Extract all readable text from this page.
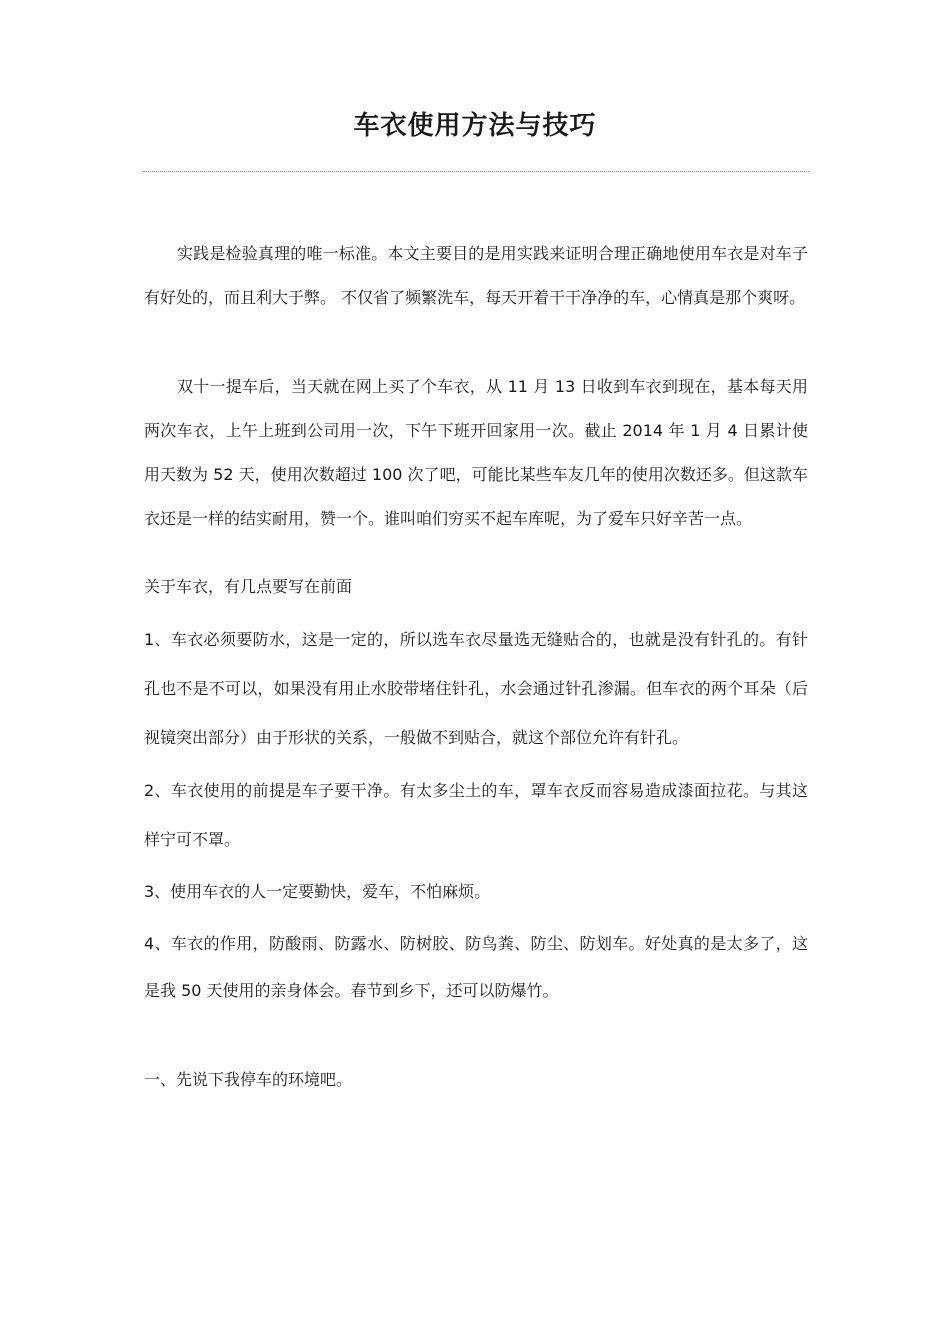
车衣使用方法与技巧

实践是检验真理的唯一标准。本文主要目的是用实践来证明合理正确地使用车衣是对车子有好处的，而且利大于弊。 不仅省了频繁洗车，每天开着干干净净的车，心情真是那个爽呀。

双十一提车后，当天就在网上买了个车衣，从 11 月 13 日收到车衣到现在，基本每天用两次车衣，上午上班到公司用一次，下午下班开回家用一次。截止 2014 年 1 月 4 日累计使用天数为 52 天，使用次数超过 100 次了吧，可能比某些车友几年的使用次数还多。但这款车衣还是一样的结实耐用，赞一个。谁叫咱们穷买不起车库呢，为了爱车只好辛苦一点。

关于车衣，有几点要写在前面

1、车衣必须要防水，这是一定的，所以选车衣尽量选无缝贴合的，也就是没有针孔的。有针孔也不是不可以，如果没有用止水胶带堵住针孔，水会通过针孔渗漏。但车衣的两个耳朵（后视镜突出部分）由于形状的关系，一般做不到贴合，就这个部位允许有针孔。

2、车衣使用的前提是车子要干净。有太多尘土的车，罩车衣反而容易造成漆面拉花。与其这样宁可不罩。

3、使用车衣的人一定要勤快，爱车，不怕麻烦。

4、车衣的作用，防酸雨、防露水、防树胶、防鸟粪、防尘、防划车。好处真的是太多了，这是我 50 天使用的亲身体会。春节到乡下，还可以防爆竹。

一、先说下我停车的环境吧。
